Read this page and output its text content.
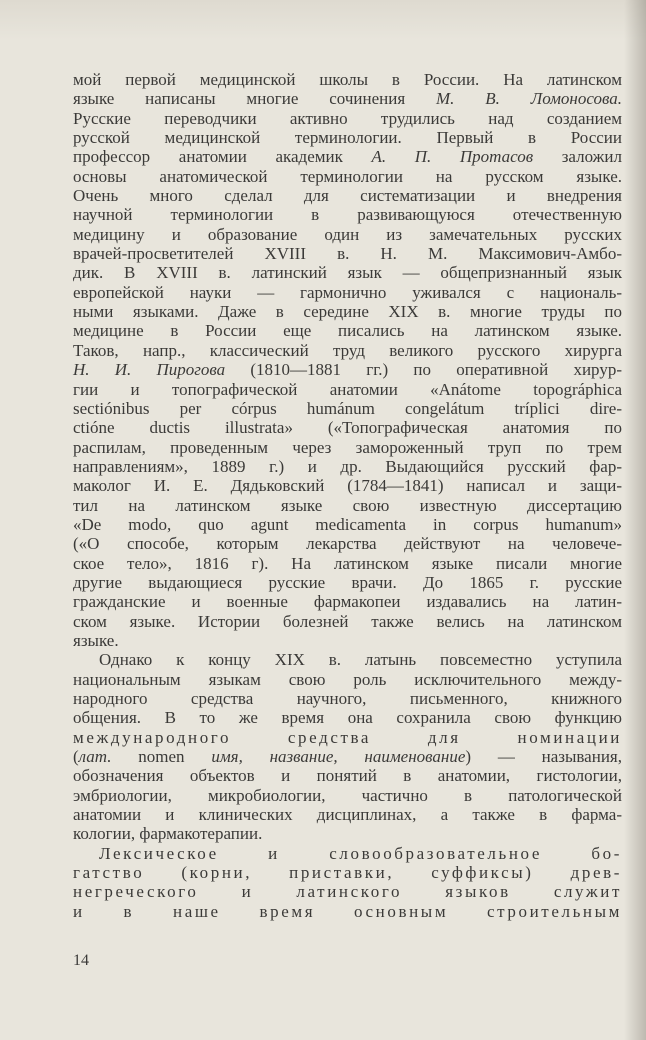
мой первой медицинской школы в России. На латинском
языке написаны многие сочинения М. В. Ломоносова.
Русские переводчики активно трудились над созданием
русской медицинской терминологии. Первый в России
профессор анатомии академик А. П. Протасов заложил
основы анатомической терминологии на русском языке.
Очень много сделал для систематизации и внедрения
научной терминологии в развивающуюся отечественную
медицину и образование один из замечательных русских
врачей-просветителей XVIII в. Н. М. Максимович-Амбо-
дик. В XVIII в. латинский язык — общепризнанный язык
европейской науки — гармонично уживался с националь-
ными языками. Даже в середине XIX в. многие труды по
медицине в России еще писались на латинском языке.
Таков, напр., классический труд великого русского хирурга
Н. И. Пирогова (1810—1881 гг.) по оперативной хирур-
гии и топографической анатомии «Anátome topográphica
sectiónibus per córpus humánum congelátum tríplici dire-
ctióne ductis illustrata» («Топографическая анатомия по
распилам, проведенным через замороженный труп по трем
направлениям», 1889 г.) и др. Выдающийся русский фар-
маколог И. Е. Дядьковский (1784—1841) написал и защи-
тил на латинском языке свою известную диссертацию
«De modo, quo agunt medicamenta in corpus humanum»
(«О способе, которым лекарства действуют на человече-
ское тело», 1816 г). На латинском языке писали многие
другие выдающиеся русские врачи. До 1865 г. русские
гражданские и военные фармакопеи издавались на латин-
ском языке. Истории болезней также велись на латинском
языке.
Однако к концу XIX в. латынь повсеместно уступила
национальным языкам свою роль исключительного между-
народного средства научного, письменного, книжного
общения. В то же время она сохранила свою функцию
международного средства для номинации
(лат. nomen имя, название, наименование) — называния,
обозначения объектов и понятий в анатомии, гистологии,
эмбриологии, микробиологии, частично в патологической
анатомии и клинических дисциплинах, а также в фарма-
кологии, фармакотерапии.
Лексическое и словообразовательное бо-
гатство (корни, приставки, суффиксы) древ-
негреческого и латинского языков служит
и в наше время основным строительным
14
